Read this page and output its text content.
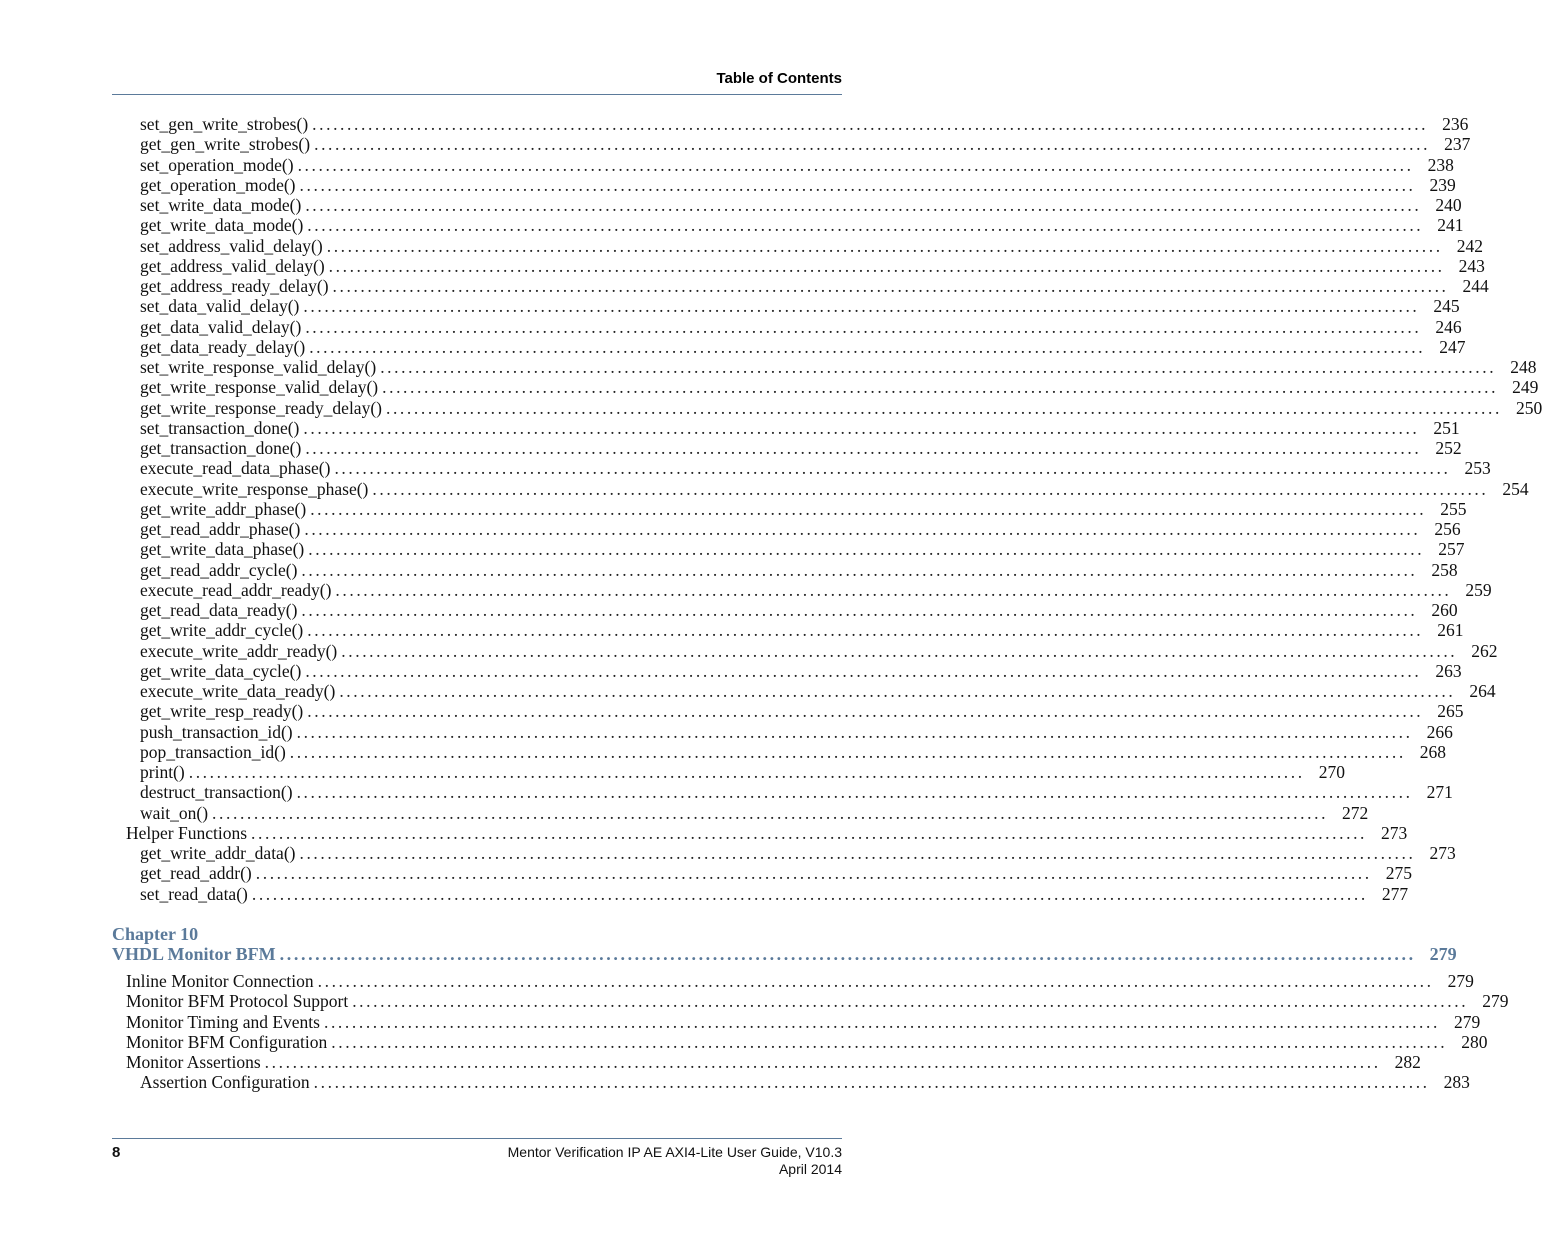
Table of Contents
set_gen_write_strobes() ................................................................................................................................................................ 236
get_gen_write_strobes() ................................................................................................................................................................ 237
set_operation_mode() ................................................................................................................................................................ 238
get_operation_mode() ................................................................................................................................................................ 239
set_write_data_mode() ................................................................................................................................................................ 240
get_write_data_mode() ................................................................................................................................................................ 241
set_address_valid_delay() ................................................................................................................................................................ 242
get_address_valid_delay() ................................................................................................................................................................ 243
get_address_ready_delay() ................................................................................................................................................................ 244
set_data_valid_delay() ................................................................................................................................................................ 245
get_data_valid_delay() ................................................................................................................................................................ 246
get_data_ready_delay() ................................................................................................................................................................ 247
set_write_response_valid_delay() ................................................................................................................................................................ 248
get_write_response_valid_delay() ................................................................................................................................................................ 249
get_write_response_ready_delay() ................................................................................................................................................................ 250
set_transaction_done() ................................................................................................................................................................ 251
get_transaction_done() ................................................................................................................................................................ 252
execute_read_data_phase() ................................................................................................................................................................ 253
execute_write_response_phase() ................................................................................................................................................................ 254
get_write_addr_phase() ................................................................................................................................................................ 255
get_read_addr_phase() ................................................................................................................................................................ 256
get_write_data_phase() ................................................................................................................................................................ 257
get_read_addr_cycle() ................................................................................................................................................................ 258
execute_read_addr_ready() ................................................................................................................................................................ 259
get_read_data_ready() ................................................................................................................................................................ 260
get_write_addr_cycle() ................................................................................................................................................................ 261
execute_write_addr_ready() ................................................................................................................................................................ 262
get_write_data_cycle() ................................................................................................................................................................ 263
execute_write_data_ready() ................................................................................................................................................................ 264
get_write_resp_ready() ................................................................................................................................................................ 265
push_transaction_id() ................................................................................................................................................................ 266
pop_transaction_id() ................................................................................................................................................................ 268
print() ................................................................................................................................................................ 270
destruct_transaction() ................................................................................................................................................................ 271
wait_on() ................................................................................................................................................................ 272
Helper Functions ................................................................................................................................................................ 273
get_write_addr_data() ................................................................................................................................................................ 273
get_read_addr() ................................................................................................................................................................ 275
set_read_data() ................................................................................................................................................................ 277
Chapter 10
VHDL Monitor BFM ................................................................................................................................................................ 279
Inline Monitor Connection ................................................................................................................................................................ 279
Monitor BFM Protocol Support ................................................................................................................................................................ 279
Monitor Timing and Events ................................................................................................................................................................ 279
Monitor BFM Configuration ................................................................................................................................................................ 280
Monitor Assertions ................................................................................................................................................................ 282
Assertion Configuration ................................................................................................................................................................ 283
8	Mentor Verification IP AE AXI4-Lite User Guide, V10.3
April 2014
